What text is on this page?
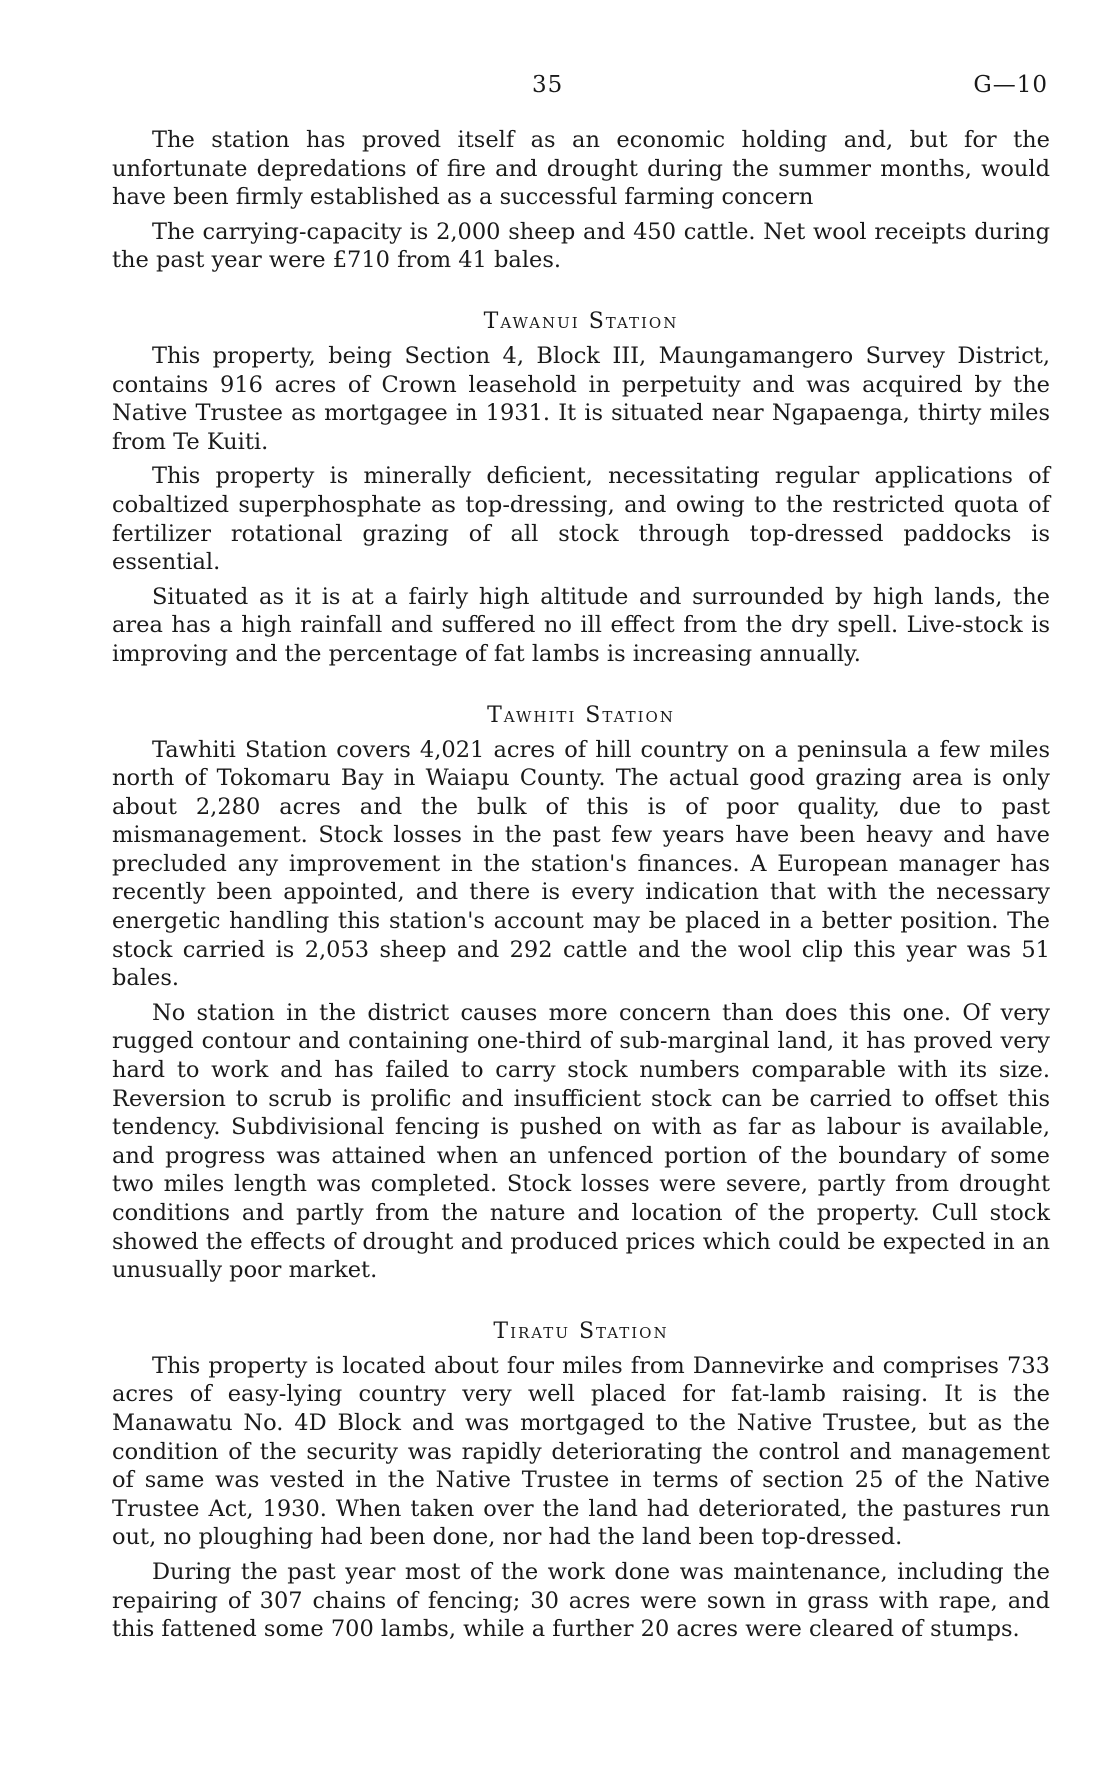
35	G—10

The station has proved itself as an economic holding and, but for the unfortunate depredations of fire and drought during the summer months, would have been firmly established as a successful farming concern

The carrying-capacity is 2,000 sheep and 450 cattle. Net wool receipts during the past year were £710 from 41 bales.

Tawanui Station

This property, being Section 4, Block III, Maungamangero Survey District, contains 916 acres of Crown leasehold in perpetuity and was acquired by the Native Trustee as mortgagee in 1931. It is situated near Ngapaenga, thirty miles from Te Kuiti.

This property is minerally deficient, necessitating regular applications of cobaltized superphosphate as top-dressing, and owing to the restricted quota of fertilizer rotational grazing of all stock through top-dressed paddocks is essential.

Situated as it is at a fairly high altitude and surrounded by high lands, the area has a high rainfall and suffered no ill effect from the dry spell. Live-stock is improving and the percentage of fat lambs is increasing annually.

Tawhiti Station

Tawhiti Station covers 4,021 acres of hill country on a peninsula a few miles north of Tokomaru Bay in Waiapu County. The actual good grazing area is only about 2,280 acres and the bulk of this is of poor quality, due to past mismanagement. Stock losses in the past few years have been heavy and have precluded any improvement in the station's finances. A European manager has recently been appointed, and there is every indication that with the necessary energetic handling this station's account may be placed in a better position. The stock carried is 2,053 sheep and 292 cattle and the wool clip this year was 51 bales.

No station in the district causes more concern than does this one. Of very rugged contour and containing one-third of sub-marginal land, it has proved very hard to work and has failed to carry stock numbers comparable with its size. Reversion to scrub is prolific and insufficient stock can be carried to offset this tendency. Subdivisional fencing is pushed on with as far as labour is available, and progress was attained when an unfenced portion of the boundary of some two miles length was completed. Stock losses were severe, partly from drought conditions and partly from the nature and location of the property. Cull stock showed the effects of drought and produced prices which could be expected in an unusually poor market.

Tiratu Station

This property is located about four miles from Dannevirke and comprises 733 acres of easy-lying country very well placed for fat-lamb raising. It is the Manawatu No. 4D Block and was mortgaged to the Native Trustee, but as the condition of the security was rapidly deteriorating the control and management of same was vested in the Native Trustee in terms of section 25 of the Native Trustee Act, 1930. When taken over the land had deteriorated, the pastures run out, no ploughing had been done, nor had the land been top-dressed.

During the past year most of the work done was maintenance, including the repairing of 307 chains of fencing; 30 acres were sown in grass with rape, and this fattened some 700 lambs, while a further 20 acres were cleared of stumps.
